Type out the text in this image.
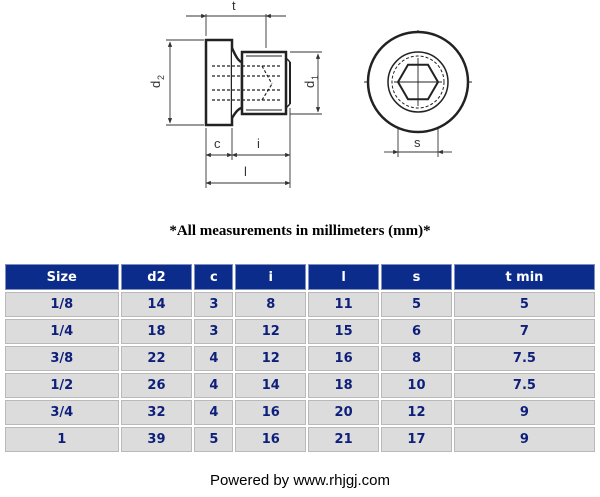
t
d
2
d
1
c	i
l
s
*All measurements in millimeters (mm)*
Size	d2	c	i	l	s	t min
1/8	14	3	8	11	5	5
1/4	18	3	12	15	6	7
3/8	22	4	12	16	8	7.5
1/2	26	4	14	18	10	7.5
3/4	32	4	16	20	12	9
1	39	5	16	21	17	9
Powered by www.rhjgj.com
